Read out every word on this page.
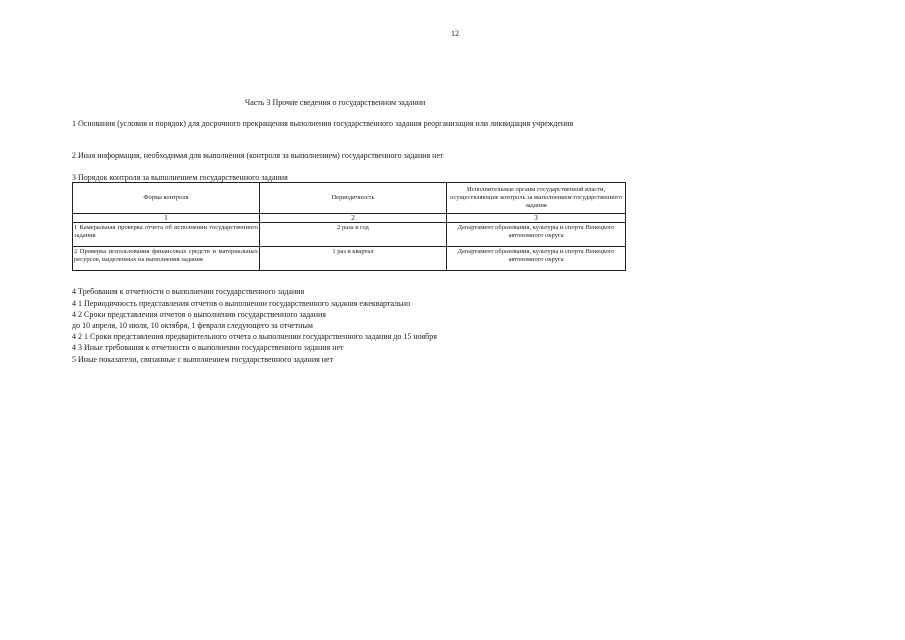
12
Часть 3 Прочие сведения о государственном задании
1 Основания (условия и порядок) для досрочного прекращения выполнения государственного задания реорганизация или ликвидация учреждения
2 Иная информация, необходимая для выполнения (контроля за выполнением) государственного задания нет
3 Порядок контроля за выполнением государственного задания
Форма контроля	Периодичность	Исполнительные органы государственной власти, осуществляющие контроль за выполнением государственного задания
1	2	3
1 Камеральная проверка отчета об исполнении государственного задания	2 раза в год	Департамент образования, культуры и спорта Ненецкого автономного округа
2 Проверка использования финансовых средств и материальных ресурсов, выделенных на выполнения задания	1 раз в квартал	Департамент образования, культуры и спорта Ненецкого автономного округа
4 Требования к отчетности о выполнении государственного задания
4 1 Периодичность представления отчетов о выполнении государственного задания ежеквартально
4 2 Сроки представления отчетов о выполнении государственного задания
до 10 апреля, 10 июля, 10 октября, 1 февраля следующего за отчетным
4 2 1 Сроки представления предварительного отчета о выполнении государственного задания до 15 ноября
4 3 Иные требования к отчетности о выполнении государственного задания нет
5 Иные показатели, связанные с выполнением государственного задания нет
